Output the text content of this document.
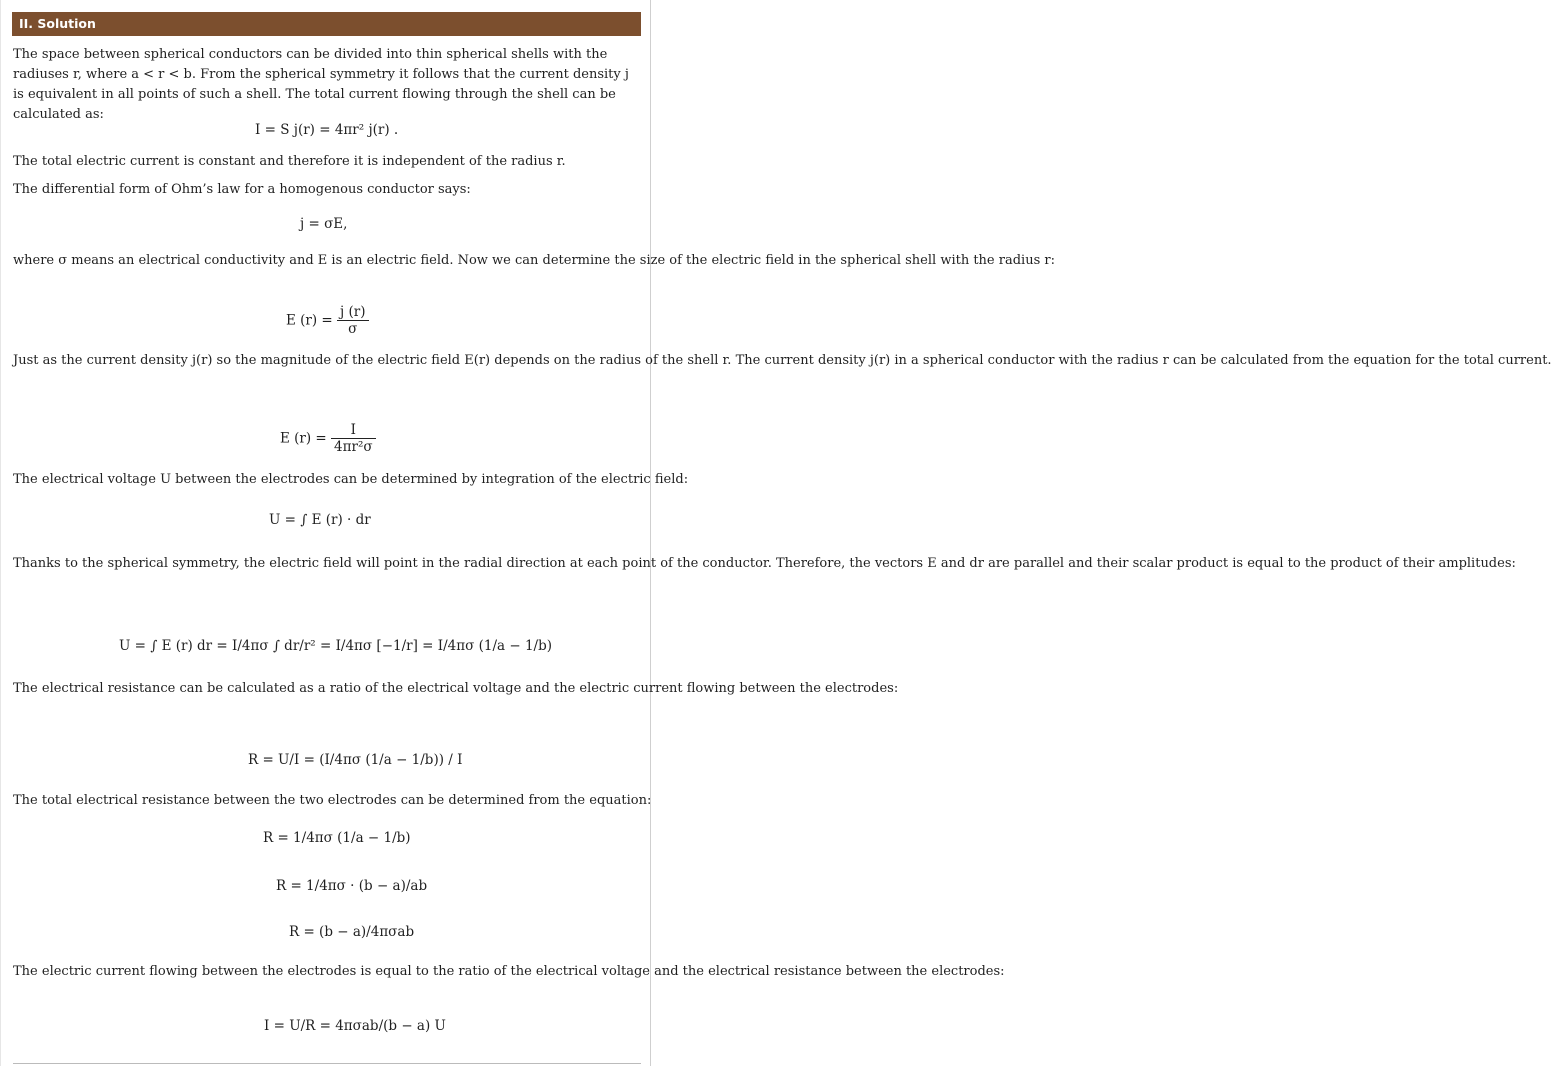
II. Solution

The space between spherical conductors can be divided into thin spherical shells with the radiuses r, where a < r < b. From the spherical symmetry it follows that the current density j is equivalent in all points of such a shell. The total current flowing through the shell can be calculated as:

I = S j(r) = 4πr² j(r) .

The total electric current is constant and therefore it is independent of the radius r.

The differential form of Ohm’s law for a homogenous conductor says:

j = σE,

where σ means an electrical conductivity and E is an electric field. Now we can determine the size of the electric field in the spherical shell with the radius r:

E $(r) = \frac{j (r)}{\sigma}$

Just as the current density j(r) so the magnitude of the electric field E(r) depends on the radius of the shell r. The current density j(r) in a spherical conductor with the radius r can be calculated from the equation for the total current.

E $(r) = \frac{I}{\text{4πr²σ}}$

The electrical voltage U between the electrodes can be determined by integration of the electric field:

U = ∫ E (r) · dr

Thanks to the spherical symmetry, the electric field will point in the radial direction at each point of the conductor. Therefore, the vectors E and dr are parallel and their scalar product is equal to the product of their amplitudes:

U = ∫ E (r) dr = I/4πσ ∫ dr/r² = I/4πσ [−1/r] = I/4πσ (1/a − 1/b)

The electrical resistance can be calculated as a ratio of the electrical voltage and the electric current flowing between the electrodes:

R = U/I = (I/4πσ (1/a − 1/b)) / I

The total electrical resistance between the two electrodes can be determined from the equation:

R = 1/4πσ (1/a − 1/b)
R = 1/4πσ · (b − a)/ab
R = (b − a)/4πσab

The electric current flowing between the electrodes is equal to the ratio of the electrical voltage and the electrical resistance between the electrodes:

I = U/R = 4πσab/(b − a) U
